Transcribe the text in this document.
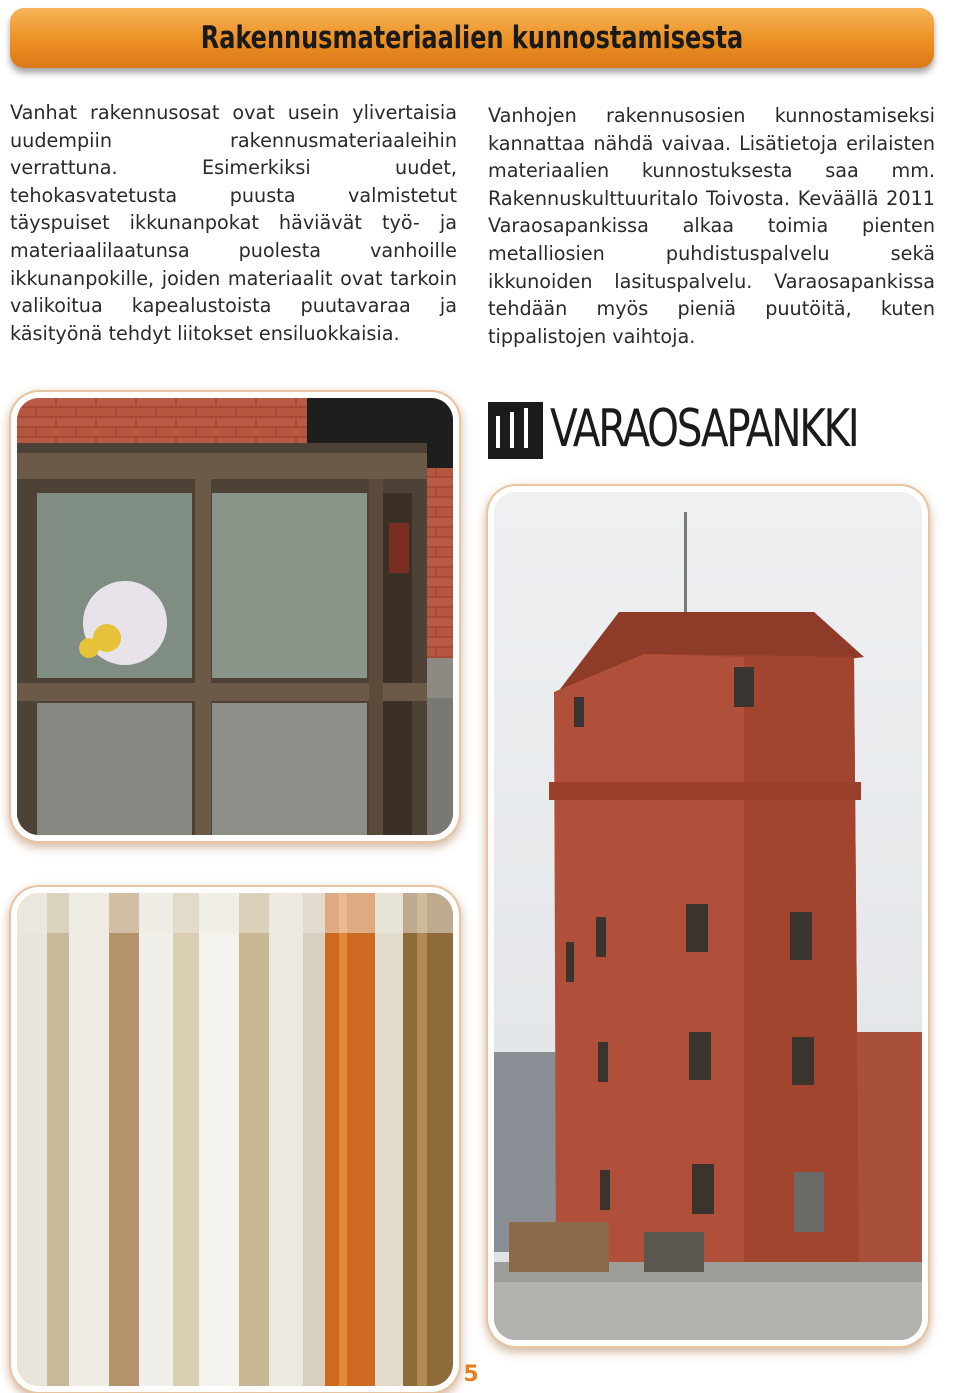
Rakennusmateriaalien kunnostamisesta
Vanhat rakennusosat ovat usein ylivertaisia uudempiin rakennusmateriaaleihin verrattuna. Esimerkiksi uudet, tehokasvatetusta puusta valmistetut täyspuiset ikkunanpokat häviävät työ- ja materiaalilaatunsa puolesta vanhoille ikkunanpokille, joiden materiaalit ovat tarkoin valikoitua kapealustoista puutavaraa ja käsityönä tehdyt liitokset ensiluokkaisia.
Vanhojen rakennusosien kunnostamiseksi kannattaa nähdä vaivaa. Lisätietoja erilaisten materiaalien kunnostuksesta saa mm. Rakennuskulttuuritalo Toivosta. Keväällä 2011 Varaosapankissa alkaa toimia pienten metalliosien puhdistuspalvelu sekä ikkunoiden lasituspalvelu. Varaosapankissa tehdään myös pieniä puutöitä, kuten tippalistojen vaihtoja.
VARAOSAPANKKI
5
